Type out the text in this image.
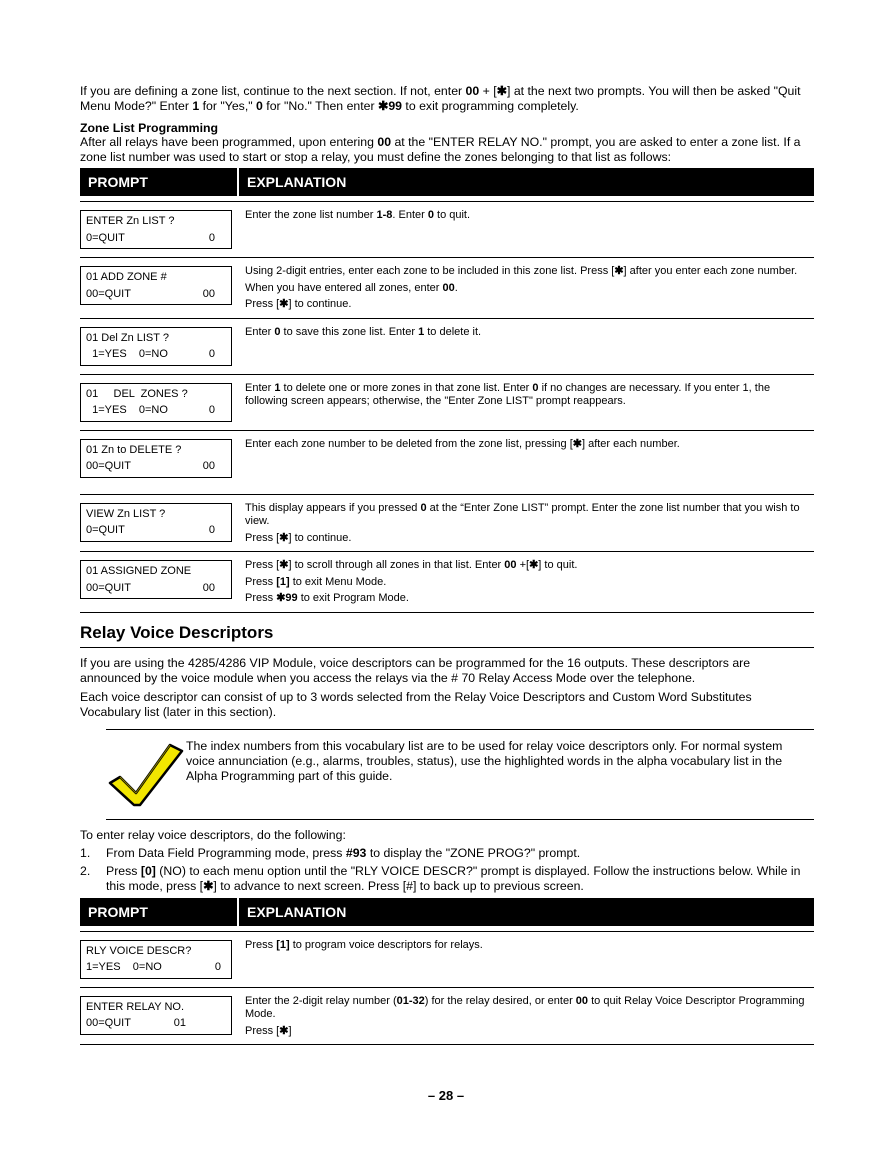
If you are defining a zone list, continue to the next section. If not, enter 00 + [✱] at the next two prompts. You will then be asked "Quit Menu Mode?" Enter 1 for "Yes," 0 for "No." Then enter ✱99 to exit programming completely.

Zone List Programming

After all relays have been programmed, upon entering 00 at the "ENTER RELAY NO." prompt, you are asked to enter a zone list. If a zone list number was used to start or stop a relay, you must define the zones belonging to that list as follows:

PROMPT	EXPLANATION
ENTER Zn LIST ?
0=QUIT	0

Enter the zone list number 1-8. Enter 0 to quit.

01 ADD ZONE #
00=QUIT	00

Using 2-digit entries, enter each zone to be included in this zone list. Press [✱] after you enter each zone number.

When you have entered all zones, enter 00.

Press [✱] to continue.

01 Del Zn LIST ?
1=YES    0=NO	0

Enter 0 to save this zone list. Enter 1 to delete it.

01     DEL  ZONES ?
1=YES    0=NO	0

Enter 1 to delete one or more zones in that zone list. Enter 0 if no changes are necessary. If you enter 1, the following screen appears; otherwise, the "Enter Zone LIST" prompt reappears.

01 Zn to DELETE ?
00=QUIT	00

Enter each zone number to be deleted from the zone list, pressing [✱] after each number.

VIEW Zn LIST ?
0=QUIT	0

This display appears if you pressed 0 at the “Enter Zone LIST” prompt. Enter the zone list number that you wish to view.

Press [✱] to continue.

01 ASSIGNED ZONE
00=QUIT	00

Press [✱] to scroll through all zones in that list. Enter 00 +[✱] to quit.

Press [1] to exit Menu Mode.

Press ✱99 to exit Program Mode.

Relay Voice Descriptors

If you are using the 4285/4286 VIP Module, voice descriptors can be programmed for the 16 outputs. These descriptors are announced by the voice module when you access the relays via the # 70 Relay Access Mode over the telephone.

Each voice descriptor can consist of up to 3 words selected from the Relay Voice Descriptors and Custom Word Substitutes Vocabulary list (later in this section).

The index numbers from this vocabulary list are to be used for relay voice descriptors only. For normal system voice annunciation (e.g., alarms, troubles, status), use the highlighted words in the alpha vocabulary list in the Alpha Programming part of this guide.

To enter relay voice descriptors, do the following:

1.	From Data Field Programming mode, press #93 to display the "ZONE PROG?" prompt.
2.	Press [0] (NO) to each menu option until the "RLY VOICE DESCR?" prompt is displayed. Follow the instructions below. While in this mode, press [✱] to advance to next screen. Press [#] to back up to previous screen.
PROMPT	EXPLANATION
RLY VOICE DESCR?
1=YES    0=NO	0

Press [1] to program voice descriptors for relays.

ENTER RELAY NO.
00=QUIT	01

Enter the 2-digit relay number (01-32) for the relay desired, or enter 00 to quit Relay Voice Descriptor Programming Mode.

Press [✱]

– 28 –
